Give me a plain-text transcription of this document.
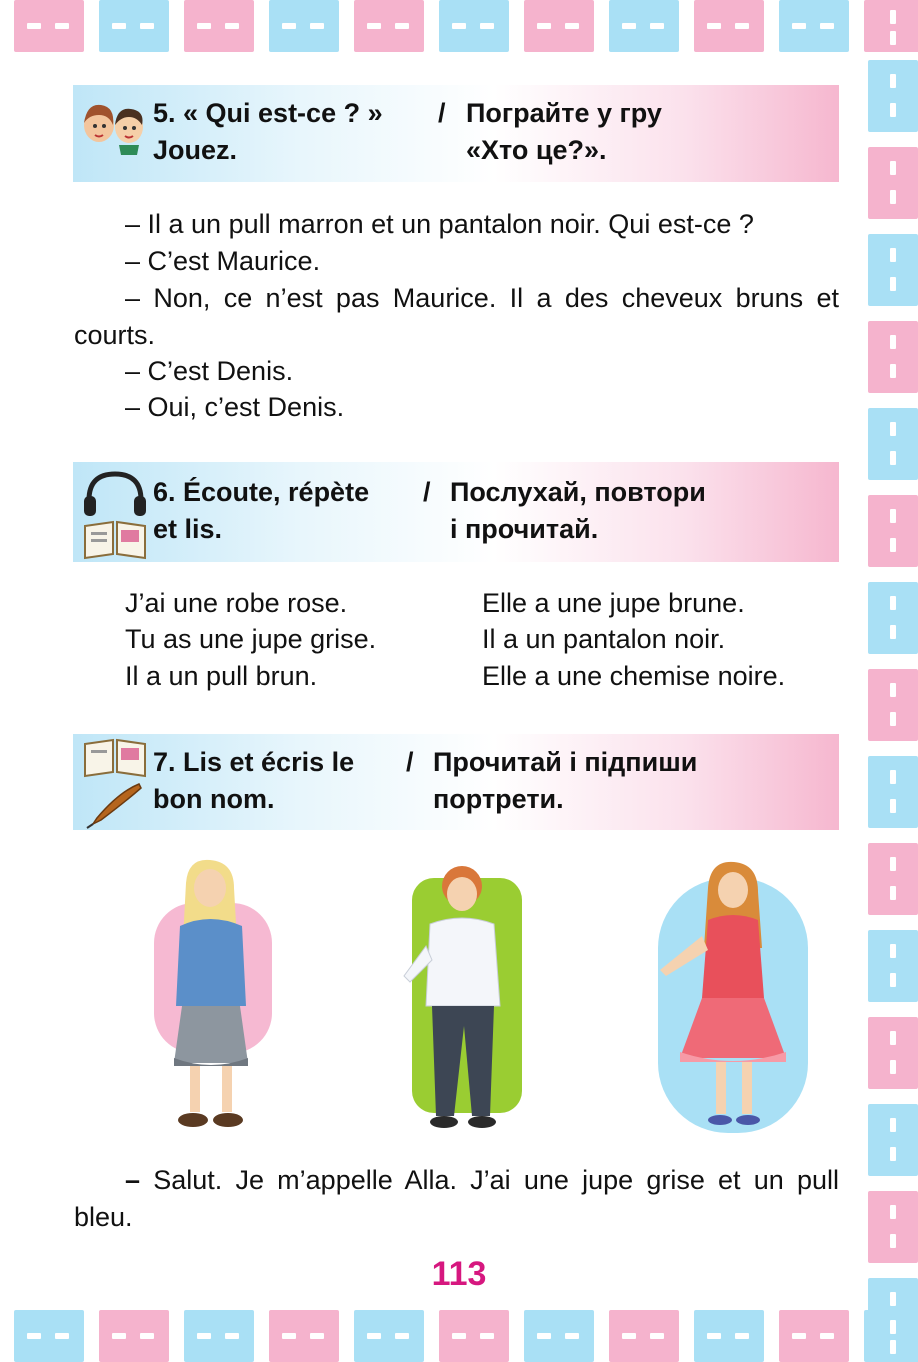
5. « Qui est-ce ? »
Jouez.
/ Пограйте у гру
«Хто це?».
– Il a un pull marron et un pantalon noir. Qui est-ce ?
– C’est Maurice.
– Non, ce n’est pas Maurice. Il a des cheveux bruns et courts.
– C’est Denis.
– Oui, c’est Denis.
6. Écoute, répète
et lis.
/ Послухай, повтори
і прочитай.
J’ai une robe rose.
Tu as une jupe grise.
Il a un pull brun.
Elle a une jupe brune.
Il a un pantalon noir.
Elle a une chemise noire.
7. Lis et écris le
bon nom.
/ Прочитай і підпиши
портрети.
– Salut. Je m’appelle Alla. J’ai une jupe grise et un pull bleu.
113
